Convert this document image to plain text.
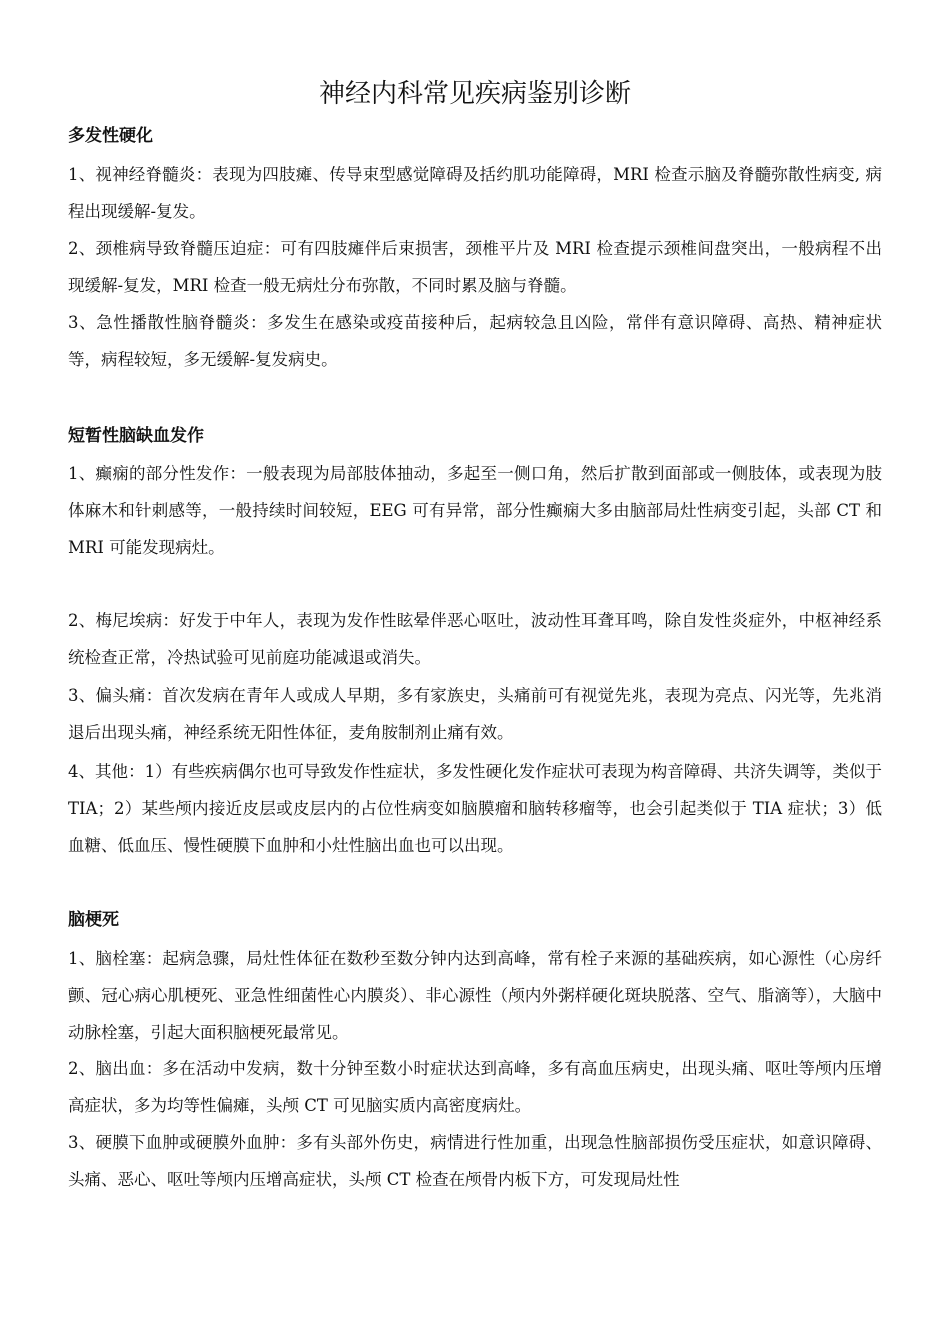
神经内科常见疾病鉴别诊断
多发性硬化
1、视神经脊髓炎：表现为四肢瘫、传导束型感觉障碍及括约肌功能障碍，MRI 检查示脑及脊髓弥散性病变, 病程出现缓解-复发。
2、颈椎病导致脊髓压迫症：可有四肢瘫伴后束损害，颈椎平片及 MRI 检查提示颈椎间盘突出，一般病程不出现缓解-复发，MRI 检查一般无病灶分布弥散，不同时累及脑与脊髓。
3、急性播散性脑脊髓炎：多发生在感染或疫苗接种后，起病较急且凶险，常伴有意识障碍、高热、精神症状等，病程较短，多无缓解-复发病史。
短暂性脑缺血发作
1、癫痫的部分性发作：一般表现为局部肢体抽动，多起至一侧口角，然后扩散到面部或一侧肢体，或表现为肢体麻木和针刺感等，一般持续时间较短，EEG 可有异常，部分性癫痫大多由脑部局灶性病变引起，头部 CT 和 MRI 可能发现病灶。
2、梅尼埃病：好发于中年人，表现为发作性眩晕伴恶心呕吐，波动性耳聋耳鸣，除自发性炎症外，中枢神经系统检查正常，冷热试验可见前庭功能减退或消失。
3、偏头痛：首次发病在青年人或成人早期，多有家族史，头痛前可有视觉先兆，表现为亮点、闪光等，先兆消退后出现头痛，神经系统无阳性体征，麦角胺制剂止痛有效。
4、其他：1）有些疾病偶尔也可导致发作性症状，多发性硬化发作症状可表现为构音障碍、共济失调等，类似于 TIA；2）某些颅内接近皮层或皮层内的占位性病变如脑膜瘤和脑转移瘤等，也会引起类似于 TIA 症状；3）低血糖、低血压、慢性硬膜下血肿和小灶性脑出血也可以出现。
脑梗死
1、脑栓塞：起病急骤，局灶性体征在数秒至数分钟内达到高峰，常有栓子来源的基础疾病，如心源性（心房纤颤、冠心病心肌梗死、亚急性细菌性心内膜炎）、非心源性（颅内外粥样硬化斑块脱落、空气、脂滴等），大脑中动脉栓塞，引起大面积脑梗死最常见。
2、脑出血：多在活动中发病，数十分钟至数小时症状达到高峰，多有高血压病史，出现头痛、呕吐等颅内压增高症状，多为均等性偏瘫，头颅 CT 可见脑实质内高密度病灶。
3、硬膜下血肿或硬膜外血肿：多有头部外伤史，病情进行性加重，出现急性脑部损伤受压症状，如意识障碍、头痛、恶心、呕吐等颅内压增高症状，头颅 CT 检查在颅骨内板下方，可发现局灶性
